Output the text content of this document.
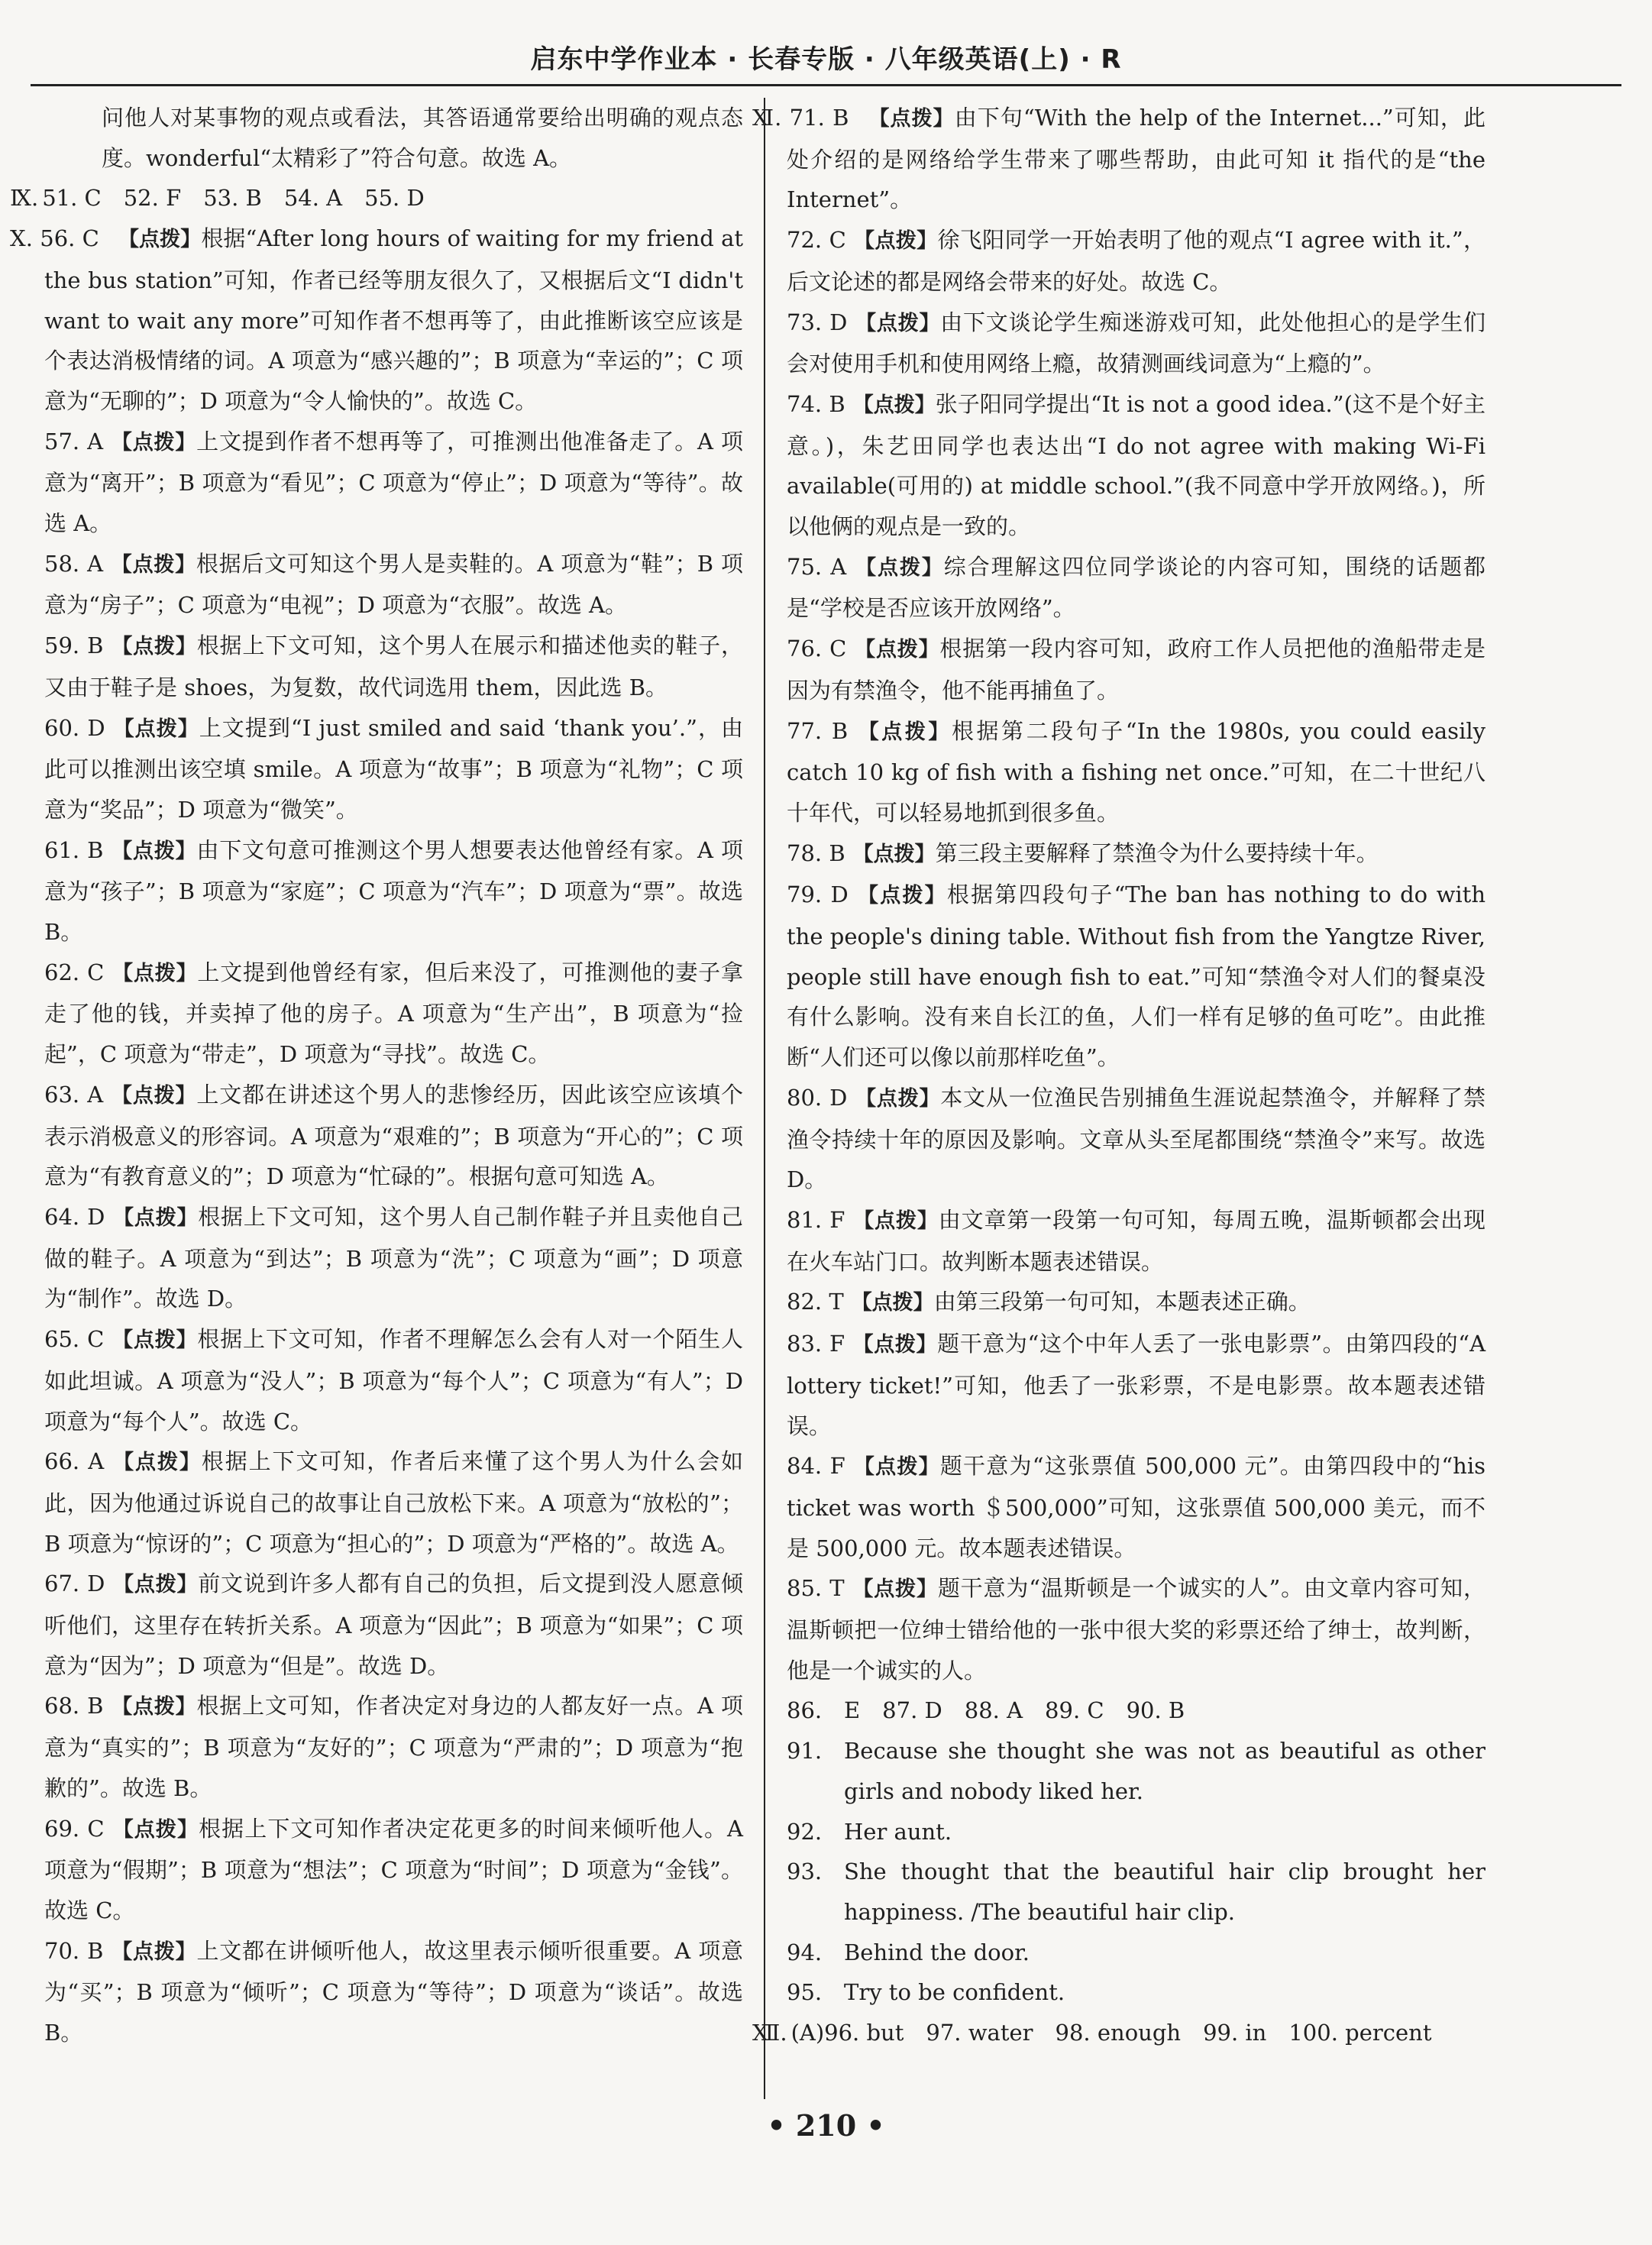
启东中学作业本 · 长春专版 · 八年级英语(上) · R
问他人对某事物的观点或看法，其答语通常要给出明确的观点态度。wonderful“太精彩了”符合句意。故选 A。
Ⅸ. 51. C　52. F　53. B　54. A　55. D
Ⅹ. 56. C 【点拨】根据“After long hours of waiting for my friend at the bus station”可知，作者已经等朋友很久了，又根据后文“I didn't want to wait any more”可知作者不想再等了，由此推断该空应该是个表达消极情绪的词。A 项意为“感兴趣的”；B 项意为“幸运的”；C 项意为“无聊的”；D 项意为“令人愉快的”。故选 C。
57. A 【点拨】上文提到作者不想再等了，可推测出他准备走了。A 项意为“离开”；B 项意为“看见”；C 项意为“停止”；D 项意为“等待”。故选 A。
58. A 【点拨】根据后文可知这个男人是卖鞋的。A 项意为“鞋”；B 项意为“房子”；C 项意为“电视”；D 项意为“衣服”。故选 A。
59. B 【点拨】根据上下文可知，这个男人在展示和描述他卖的鞋子，又由于鞋子是 shoes，为复数，故代词选用 them，因此选 B。
60. D 【点拨】上文提到“I just smiled and said ‘thank you’.”，由此可以推测出该空填 smile。A 项意为“故事”；B 项意为“礼物”；C 项意为“奖品”；D 项意为“微笑”。
61. B 【点拨】由下文句意可推测这个男人想要表达他曾经有家。A 项意为“孩子”；B 项意为“家庭”；C 项意为“汽车”；D 项意为“票”。故选 B。
62. C 【点拨】上文提到他曾经有家，但后来没了，可推测他的妻子拿走了他的钱，并卖掉了他的房子。A 项意为“生产出”，B 项意为“捡起”，C 项意为“带走”，D 项意为“寻找”。故选 C。
63. A 【点拨】上文都在讲述这个男人的悲惨经历，因此该空应该填个表示消极意义的形容词。A 项意为“艰难的”；B 项意为“开心的”；C 项意为“有教育意义的”；D 项意为“忙碌的”。根据句意可知选 A。
64. D 【点拨】根据上下文可知，这个男人自己制作鞋子并且卖他自己做的鞋子。A 项意为“到达”；B 项意为“洗”；C 项意为“画”；D 项意为“制作”。故选 D。
65. C 【点拨】根据上下文可知，作者不理解怎么会有人对一个陌生人如此坦诚。A 项意为“没人”；B 项意为“每个人”；C 项意为“有人”；D 项意为“每个人”。故选 C。
66. A 【点拨】根据上下文可知，作者后来懂了这个男人为什么会如此，因为他通过诉说自己的故事让自己放松下来。A 项意为“放松的”；B 项意为“惊讶的”；C 项意为“担心的”；D 项意为“严格的”。故选 A。
67. D 【点拨】前文说到许多人都有自己的负担，后文提到没人愿意倾听他们，这里存在转折关系。A 项意为“因此”；B 项意为“如果”；C 项意为“因为”；D 项意为“但是”。故选 D。
68. B 【点拨】根据上文可知，作者决定对身边的人都友好一点。A 项意为“真实的”；B 项意为“友好的”；C 项意为“严肃的”；D 项意为“抱歉的”。故选 B。
69. C 【点拨】根据上下文可知作者决定花更多的时间来倾听他人。A 项意为“假期”；B 项意为“想法”；C 项意为“时间”；D 项意为“金钱”。故选 C。
70. B 【点拨】上文都在讲倾听他人，故这里表示倾听很重要。A 项意为“买”；B 项意为“倾听”；C 项意为“等待”；D 项意为“谈话”。故选 B。
Ⅺ. 71. B 【点拨】由下句“With the help of the Internet...”可知，此处介绍的是网络给学生带来了哪些帮助，由此可知 it 指代的是“the Internet”。
72. C 【点拨】徐飞阳同学一开始表明了他的观点“I agree with it.”，后文论述的都是网络会带来的好处。故选 C。
73. D 【点拨】由下文谈论学生痴迷游戏可知，此处他担心的是学生们会对使用手机和使用网络上瘾，故猜测画线词意为“上瘾的”。
74. B 【点拨】张子阳同学提出“It is not a good idea.”(这不是个好主意。)，朱艺田同学也表达出“I do not agree with making Wi-Fi available(可用的) at middle school.”(我不同意中学开放网络。)，所以他俩的观点是一致的。
75. A 【点拨】综合理解这四位同学谈论的内容可知，围绕的话题都是“学校是否应该开放网络”。
76. C 【点拨】根据第一段内容可知，政府工作人员把他的渔船带走是因为有禁渔令，他不能再捕鱼了。
77. B 【点拨】根据第二段句子“In the 1980s, you could easily catch 10 kg of fish with a fishing net once.”可知，在二十世纪八十年代，可以轻易地抓到很多鱼。
78. B 【点拨】第三段主要解释了禁渔令为什么要持续十年。
79. D 【点拨】根据第四段句子“The ban has nothing to do with the people's dining table. Without fish from the Yangtze River, people still have enough fish to eat.”可知“禁渔令对人们的餐桌没有什么影响。没有来自长江的鱼，人们一样有足够的鱼可吃”。由此推断“人们还可以像以前那样吃鱼”。
80. D 【点拨】本文从一位渔民告别捕鱼生涯说起禁渔令，并解释了禁渔令持续十年的原因及影响。文章从头至尾都围绕“禁渔令”来写。故选 D。
81. F 【点拨】由文章第一段第一句可知，每周五晚，温斯顿都会出现在火车站门口。故判断本题表述错误。
82. T 【点拨】由第三段第一句可知，本题表述正确。
83. F 【点拨】题干意为“这个中年人丢了一张电影票”。由第四段的“A lottery ticket!”可知，他丢了一张彩票，不是电影票。故本题表述错误。
84. F 【点拨】题干意为“这张票值 500,000 元”。由第四段中的“his ticket was worth ＄500,000”可知，这张票值 500,000 美元，而不是 500,000 元。故本题表述错误。
85. T 【点拨】题干意为“温斯顿是一个诚实的人”。由文章内容可知，温斯顿把一位绅士错给他的一张中很大奖的彩票还给了绅士，故判断，他是一个诚实的人。
86. E　87. D　88. A　89. C　90. B
91. Because she thought she was not as beautiful as other girls and nobody liked her.
92. Her aunt.
93. She thought that the beautiful hair clip brought her happiness. /The beautiful hair clip.
94. Behind the door.
95. Try to be confident.
Ⅻ. (A)96. but　97. water　98. enough　99. in　100. percent
• 210 •
